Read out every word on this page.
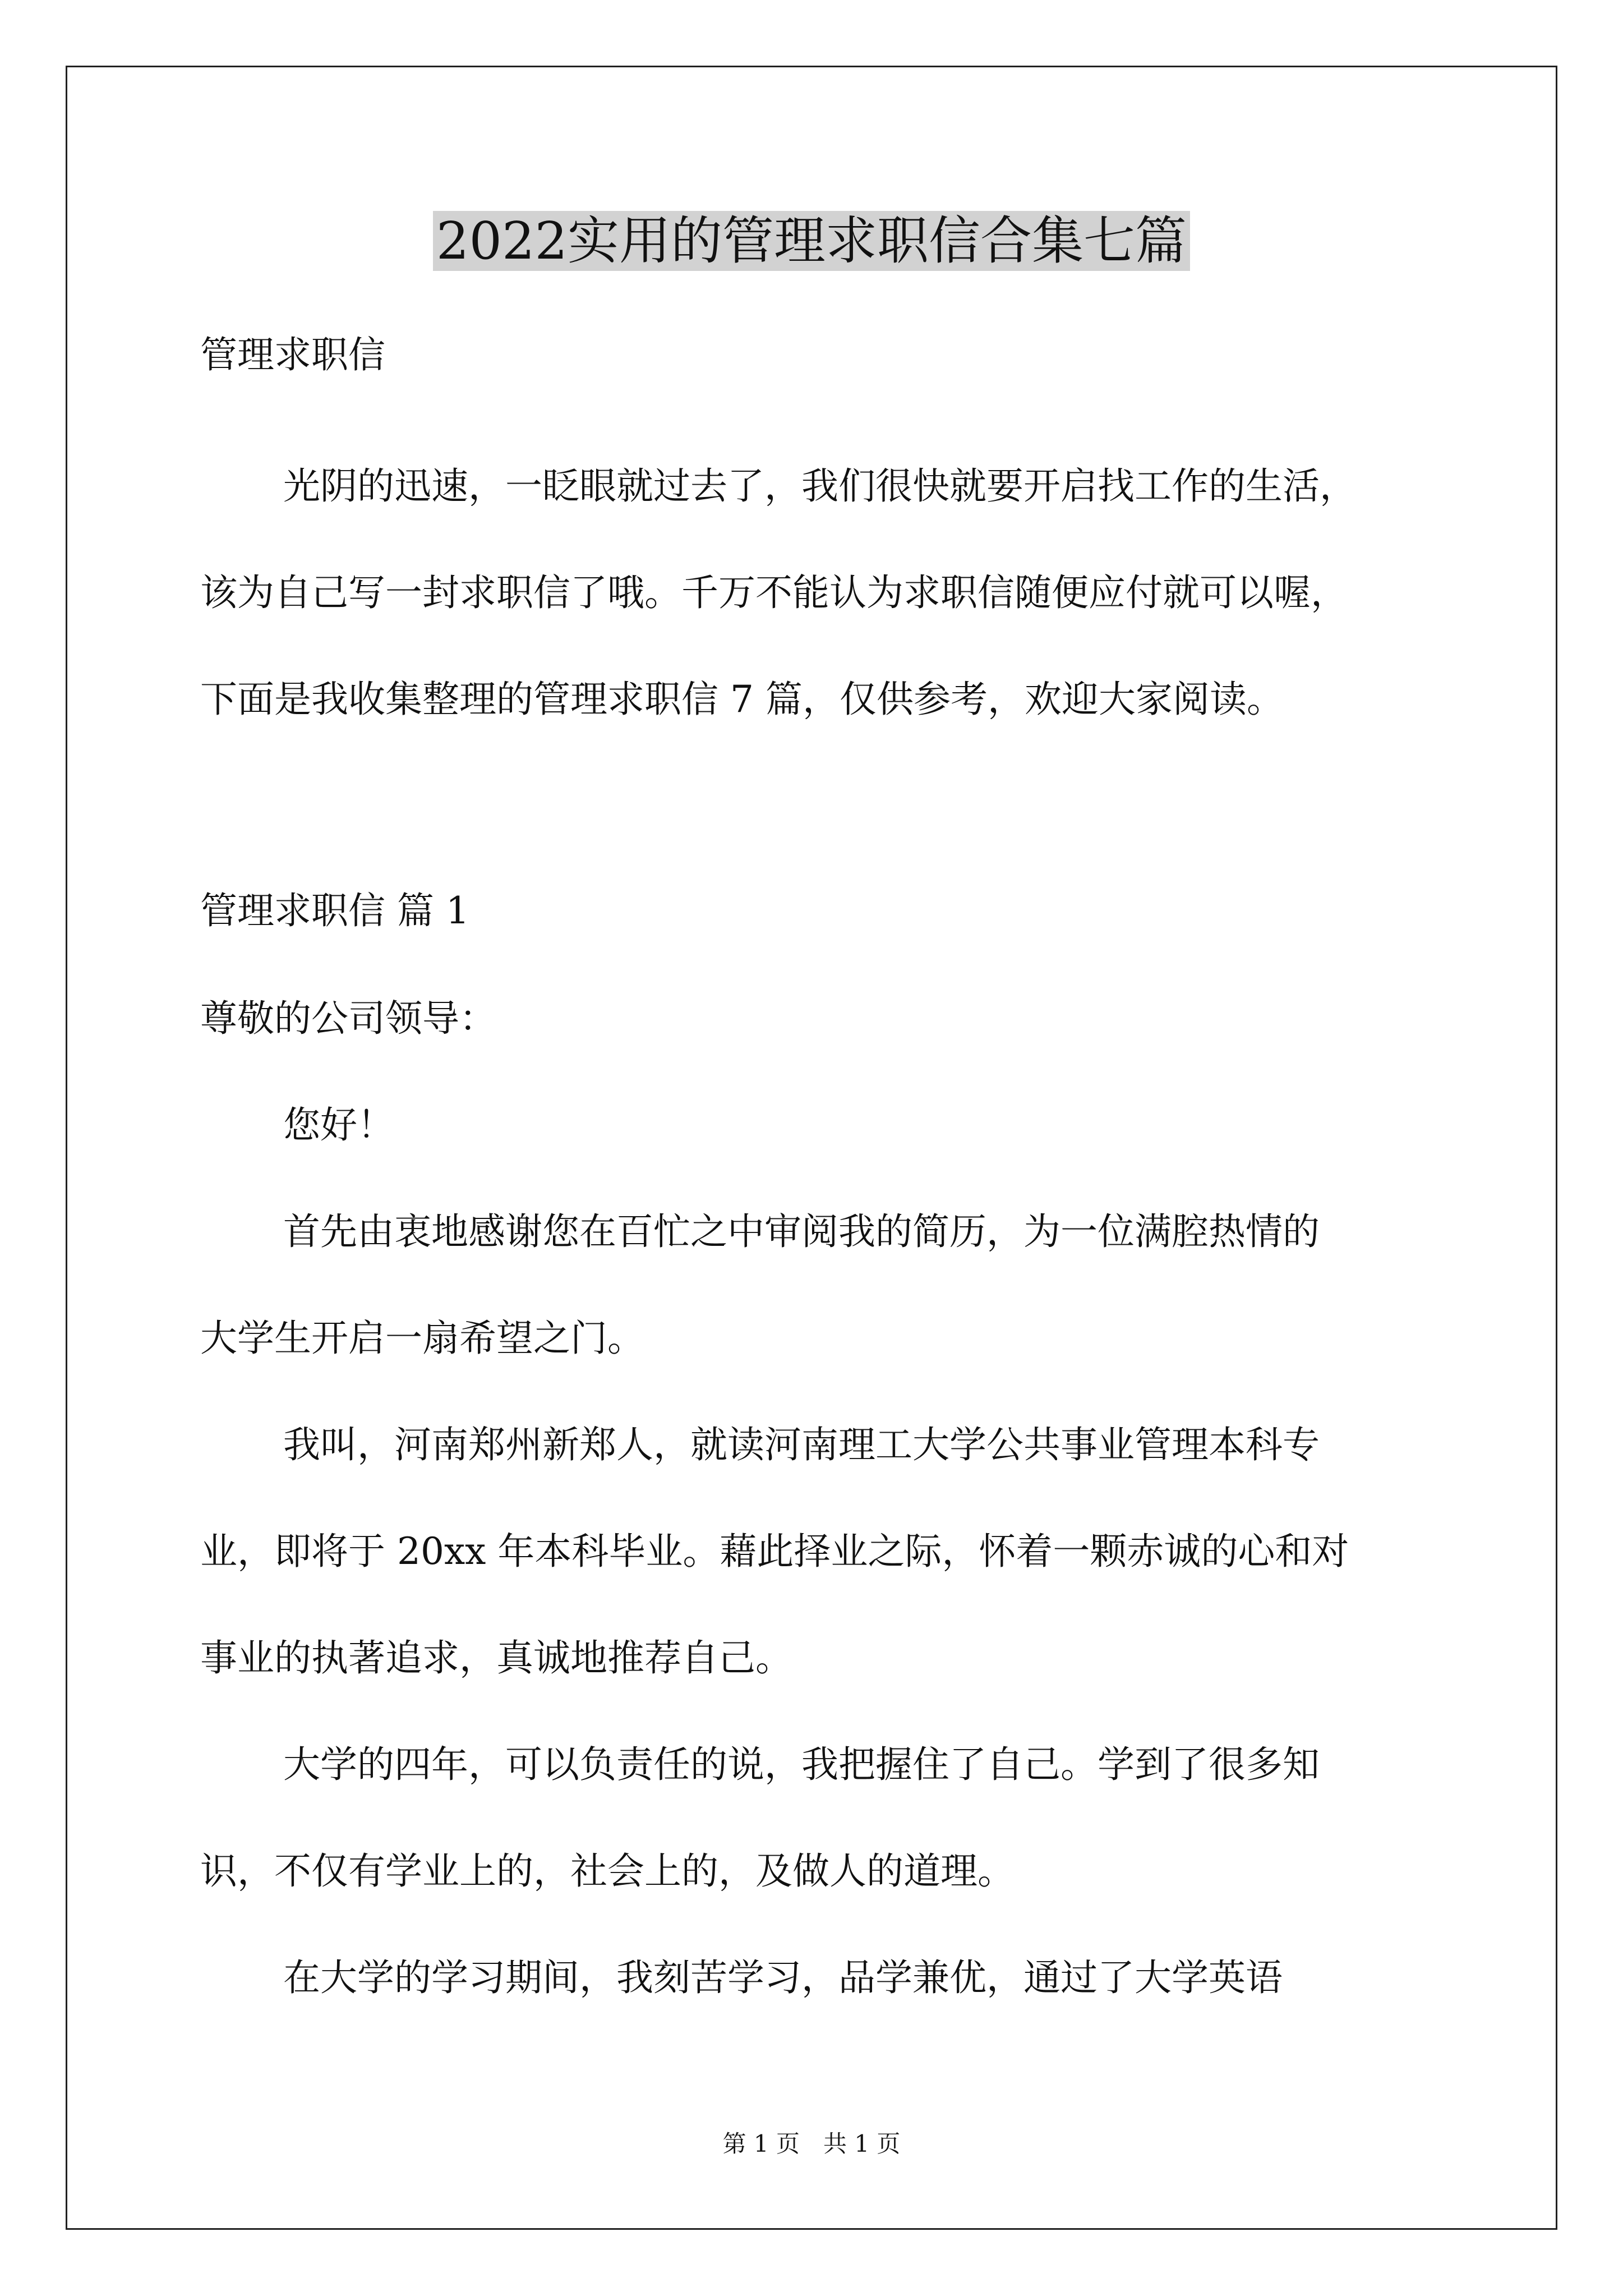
2022实用的管理求职信合集七篇

管理求职信

光阴的迅速，一眨眼就过去了，我们很快就要开启找工作的生活，

该为自己写一封求职信了哦。千万不能认为求职信随便应付就可以喔，

下面是我收集整理的管理求职信 7 篇，仅供参考，欢迎大家阅读。

管理求职信 篇 1

尊敬的公司领导：

您好！

首先由衷地感谢您在百忙之中审阅我的简历，为一位满腔热情的

大学生开启一扇希望之门。

我叫，河南郑州新郑人，就读河南理工大学公共事业管理本科专

业，即将于 20xx 年本科毕业。藉此择业之际，怀着一颗赤诚的心和对

事业的执著追求，真诚地推荐自己。

大学的四年，可以负责任的说，我把握住了自己。学到了很多知

识，不仅有学业上的，社会上的，及做人的道理。

在大学的学习期间，我刻苦学习，品学兼优，通过了大学英语

第 1 页 共 1 页
